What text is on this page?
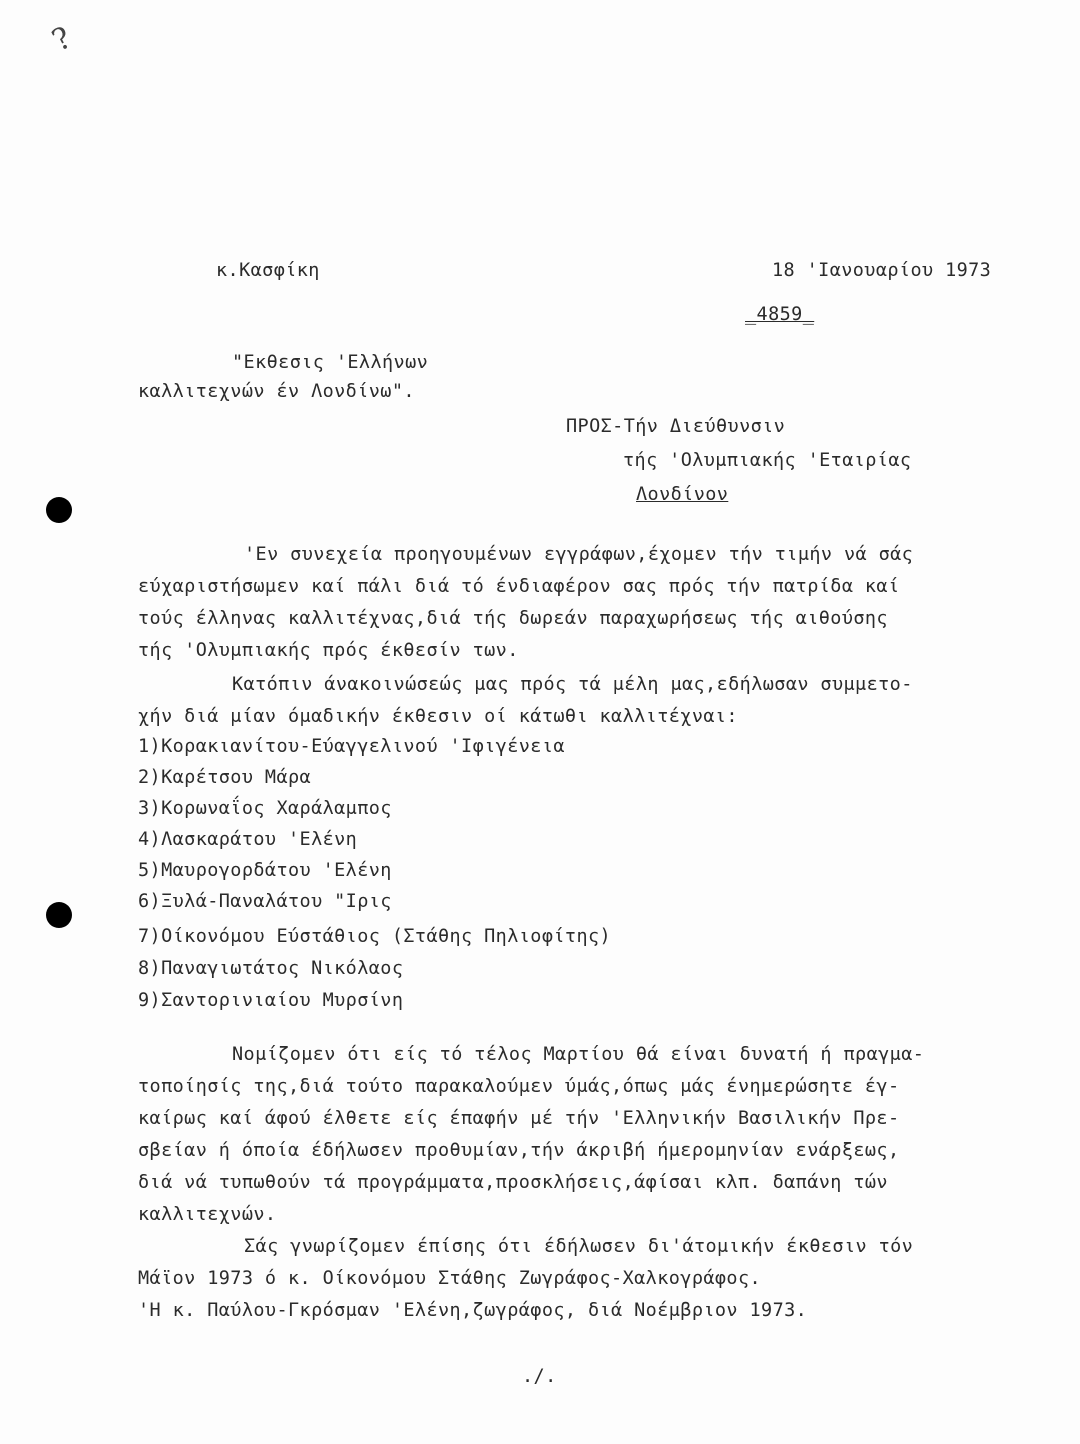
?
κ.Κασφίκη	18 'Ιανουαρίου 1973
_4859_
"Εκθεσις 'Ελλήνων
καλλιτεχνών έν Λονδίνω".
ΠΡΟΣ-Τήν Διεύθυνσιν
τής 'Ολυμπιακής 'Εταιρίας
Λονδίνον
'Εν συνεχεία προηγουμένων εγγράφων,έχομεν τήν τιμήν νά σάς
εύχαριστήσωμεν καί πάλι διά τό ένδιαφέρον σας πρός τήν πατρίδα καί
τούς έλληνας καλλιτέχνας,διά τής δωρεάν παραχωρήσεως τής αιθούσης
τής 'Ολυμπιακής πρός έκθεσίν των.
Κατόπιν άνακοινώσεώς μας πρός τά μέλη μας,εδήλωσαν συμμετο-
χήν διά μίαν όμαδικήν έκθεσιν οί κάτωθι καλλιτέχναι:
1)Κορακιανίτου-Εύαγγελινού 'Ιφιγένεια
2)Καρέτσου Μάρα
3)Κορωναΐος Χαράλαμπος
4)Λασκαράτου 'Ελένη
5)Μαυρογορδάτου 'Ελένη
6)Ξυλά-Παναλάτου "Ιρις
7)Οίκονόμου Εύστάθιος (Στάθης Πηλιοφίτης)
8)Παναγιωτάτος Νικόλαος
9)Σαντορινιαίου Μυρσίνη
Νομίζομεν ότι είς τό τέλος Μαρτίου θά είναι δυνατή ή πραγμα-
τοποίησίς της,διά τούτο παρακαλούμεν ύμάς,όπως μάς ένημερώσητε έγ-
καίρως καί άφού έλθετε είς έπαφήν μέ τήν 'Ελληνικήν Βασιλικήν Πρε-
σβείαν ή όποία έδήλωσεν προθυμίαν,τήν άκριβή ήμερομηνίαν ενάρξεως,
διά νά τυπωθούν τά προγράμματα,προσκλήσεις,άφίσαι κλπ. δαπάνη τών
καλλιτεχνών.
Σάς γνωρίζομεν έπίσης ότι έδήλωσεν δι'άτομικήν έκθεσιν τόν
Μάϊον 1973 ό κ. Οίκονόμου Στάθης Ζωγράφος-Χαλκογράφος.
'Η κ. Παύλου-Γκρόσμαν 'Ελένη,ζωγράφος, διά Νοέμβριον 1973.
./.
